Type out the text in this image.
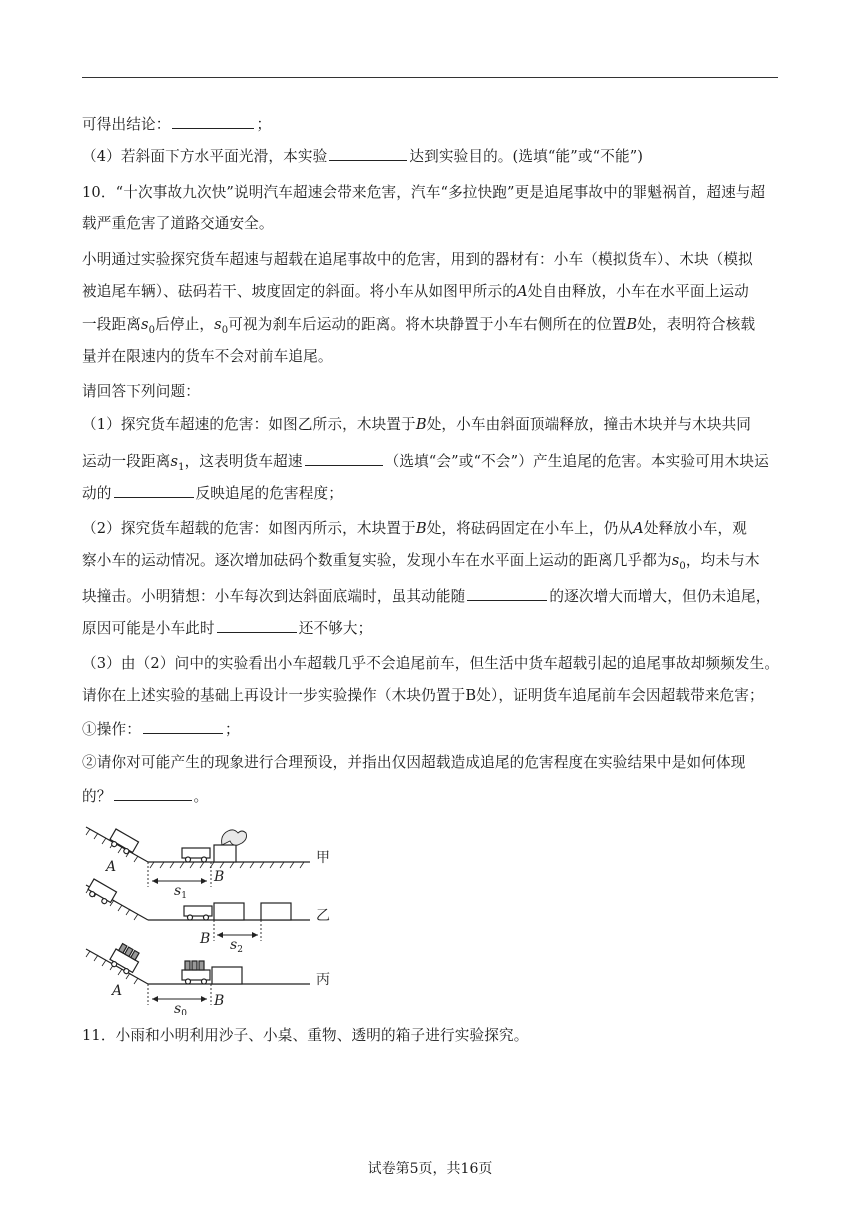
可得出结论：	；
（4）若斜面下方水平面光滑，本实验	达到实验目的。(选填“能”或“不能”)
10．“十次事故九次快”说明汽车超速会带来危害，汽车“多拉快跑”更是追尾事故中的罪魁祸首，超速与超
载严重危害了道路交通安全。
小明通过实验探究货车超速与超载在追尾事故中的危害，用到的器材有：小车（模拟货车）、木块（模拟
被追尾车辆）、砝码若干、坡度固定的斜面。将小车从如图甲所示的A处自由释放，小车在水平面上运动
一段距离$s_0$后停止，$s_0$可视为刹车后运动的距离。将木块静置于小车右侧所在的位置B处，表明符合核载
量并在限速内的货车不会对前车追尾。
请回答下列问题：
（1）探究货车超速的危害：如图乙所示，木块置于B处，小车由斜面顶端释放，撞击木块并与木块共同
运动一段距离$s_1$，这表明货车超速	（选填“会”或“不会”）产生追尾的危害。本实验可用木块运
动的	反映追尾的危害程度；
（2）探究货车超载的危害：如图丙所示，木块置于B处，将砝码固定在小车上，仍从A处释放小车，观
察小车的运动情况。逐次增加砝码个数重复实验，发现小车在水平面上运动的距离几乎都为$s_0$，均未与木
块撞击。小明猜想：小车每次到达斜面底端时，虽其动能随	的逐次增大而增大，但仍未追尾，
原因可能是小车此时	还不够大；
（3）由（2）问中的实验看出小车超载几乎不会追尾前车，但生活中货车超载引起的追尾事故却频频发生。
请你在上述实验的基础上再设计一步实验操作（木块仍置于B处），证明货车追尾前车会因超载带来危害；
①操作：	；
②请你对可能产生的现象进行合理预设，并指出仅因超载造成追尾的危害程度在实验结果中是如何体现
的？	。
甲
乙
丙
A
B
$s_1$
B $s_2$
A
B
$s_0$
11．小雨和小明利用沙子、小桌、重物、透明的箱子进行实验探究。
试卷第5页，共16页
